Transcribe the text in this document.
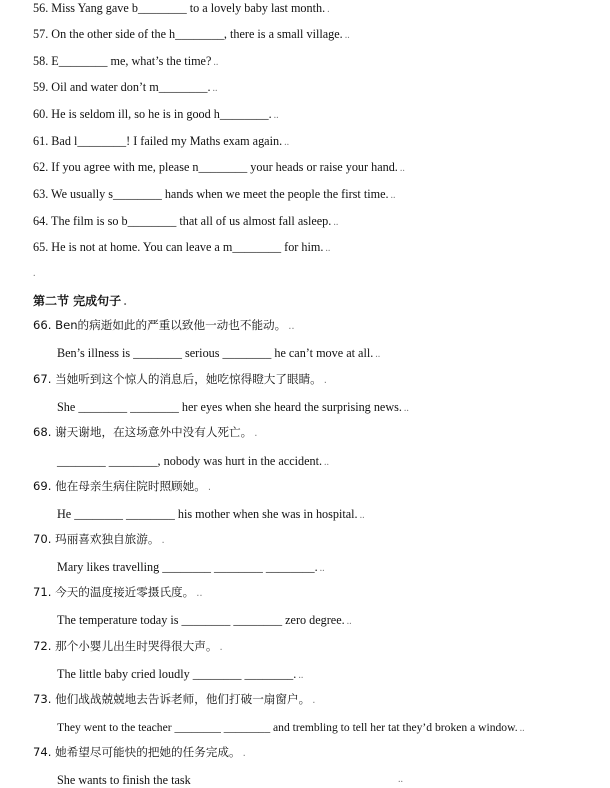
56. Miss Yang gave b________ to a lovely baby last month. .
57. On the other side of the h________, there is a small village. ..
58. E________ me, what’s the time? ..
59. Oil and water don’t m________. ..
60. He is seldom ill, so he is in good h________. ..
61. Bad l________! I failed my Maths exam again. ..
62. If you agree with me, please n________ your heads or raise your hand. ..
63. We usually s________ hands when we meet the people the first time. ..
64. The film is so b________ that all of us almost fall asleep. ..
65. He is not at home. You can leave a m________ for him. ..
.
第二节 完成句子 .
66. Ben的病逝如此的严重以致他一动也不能动。 ..
Ben’s illness is ________ serious ________ he can’t move at all. ..
67. 当她听到这个惊人的消息后，她吃惊得瞪大了眼睛。 .
She ________ ________ her eyes when she heard the surprising news. ..
68. 谢天谢地，在这场意外中没有人死亡。 .
________ ________, nobody was hurt in the accident. ..
69. 他在母亲生病住院时照顾她。 .
He ________ ________ his mother when she was in hospital. ..
70. 玛丽喜欢独自旅游。 .
Mary likes travelling ________ ________ ________. ..
71. 今天的温度接近零摄氏度。 ..
The temperature today is ________ ________ zero degree. ..
72. 那个小婴儿出生时哭得很大声。 .
The little baby cried loudly ________ ________. ..
73. 他们战战兢兢地去告诉老师，他们打破一扇窗户。 .
They went to the teacher ________ ________ and trembling to tell her tat they’d broken a window. ..
74. 她希望尽可能快的把她的任务完成。 .
She wants to finish the task	..
